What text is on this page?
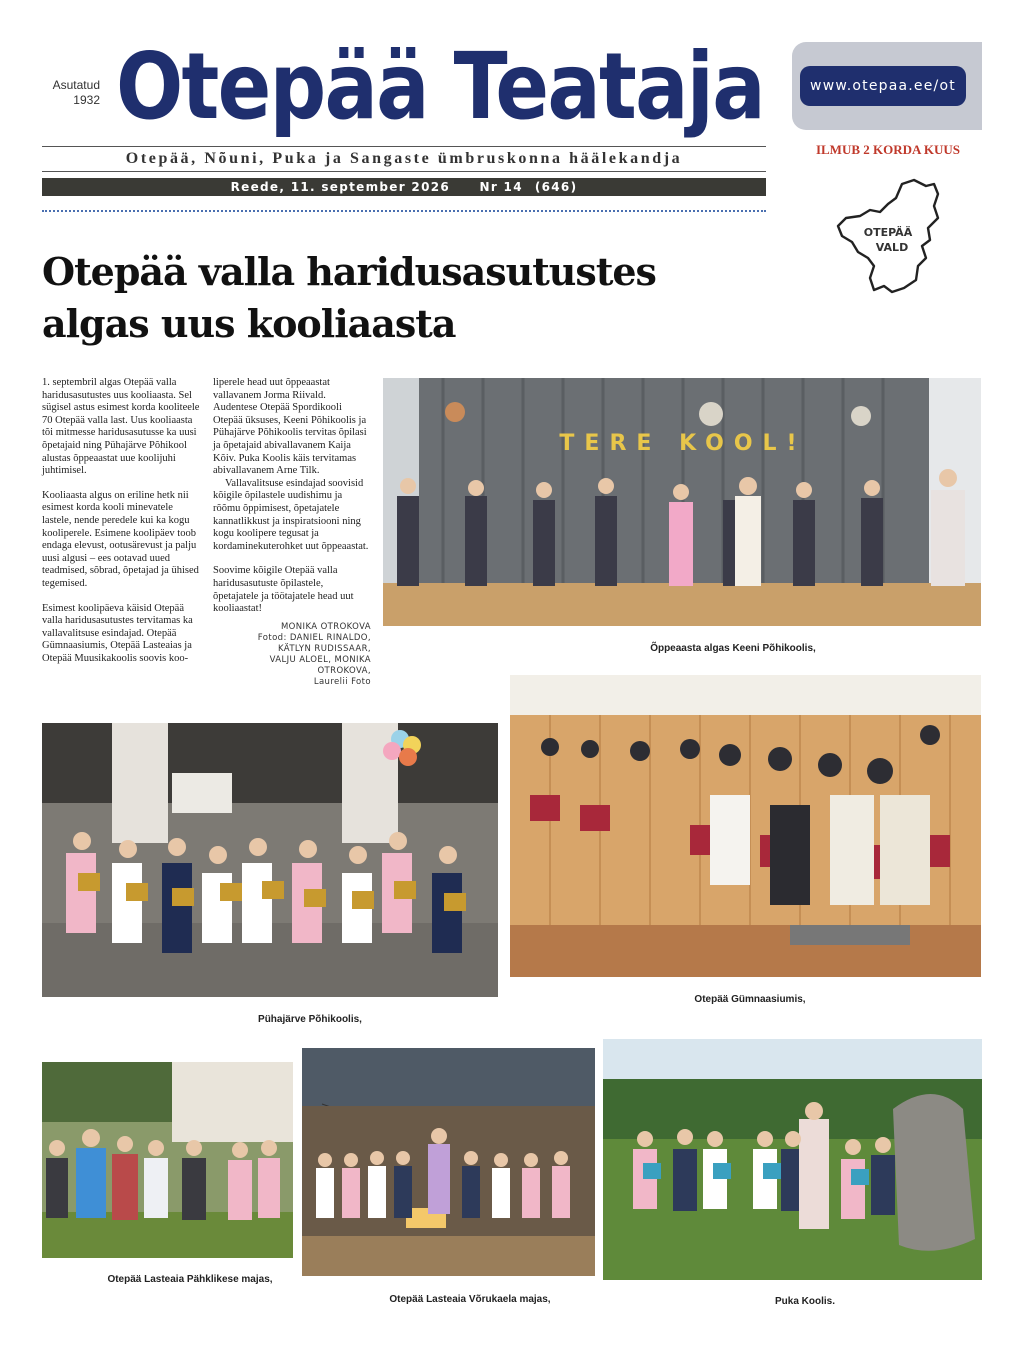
Asutatud
1932 Otepää Teataja	www.otepaa.ee/ot
ILMUB 2 KORDA KUUS
Otepää, Nõuni, Puka ja Sangaste ümbruskonna häälekandja
Reede, 11. september 2026 Nr 14 (646)
OTEPÄÄ
VALD
Otepää valla haridusasutustes algas uus kooliaasta

1. septembril algas Otepää valla haridusasutustes uus kooliaasta. Sel sügisel astus esimest korda kooliteele 70 Otepää valla last. Uus kooliaasta tõi mitmesse haridusasutusse ka uusi õpetajaid ning Pühajärve Põhikool alustas õppeaastat uue koolijuhi juhtimisel.

Kooliaasta algus on eriline hetk nii esimest korda kooli minevatele lastele, nende peredele kui ka kogu kooliperele. Esimene koolipäev toob endaga elevust, ootusärevust ja palju uusi algusi – ees ootavad uued teadmised, sõbrad, õpetajad ja ühised tegemised.

Esimest koolipäeva käisid Otepää valla haridusasutustes tervitamas ka vallavalitsuse esindajad. Otepää Gümnaasiumis, Otepää Lasteaias ja Otepää Muusikakoolis soovis koo-

liperele head uut õppeaastat vallavanem Jorma Riivald. Audentese Otepää Spordikooli Otepää üksuses, Keeni Põhikoolis ja Pühajärve Põhikoolis tervitas õpilasi ja õpetajaid abivallavanem Kaija Kõiv. Puka Koolis käis tervitamas abivallavanem Arne Tilk.

Vallavalitsuse esindajad soovisid kõigile õpilastele uudishimu ja rõõmu õppimisest, õpetajatele kannatlikkust ja inspiratsiooni ning kogu koolipere tegusat ja kordaminekuterohket uut õppeaastat.

Soovime kõigile Otepää valla haridusasutuste õpilastele, õpetajatele ja töötajatele head uut kooliaastat!

MONIKA OTROKOVA
Fotod: DANIEL RINALDO,
KÄTLYN RUDISSAAR,
VALJU ALOEL, MONIKA OTROKOVA,
Laurelii Foto
TERE KOOL!
Õppeaasta algas Keeni Põhikoolis,
Otepää Gümnaasiumis,
Pühajärve Põhikoolis,
Otepää Lasteaia Pähklikese majas,
Otepää Lasteaia Võrukaela majas,	Puka Koolis.
